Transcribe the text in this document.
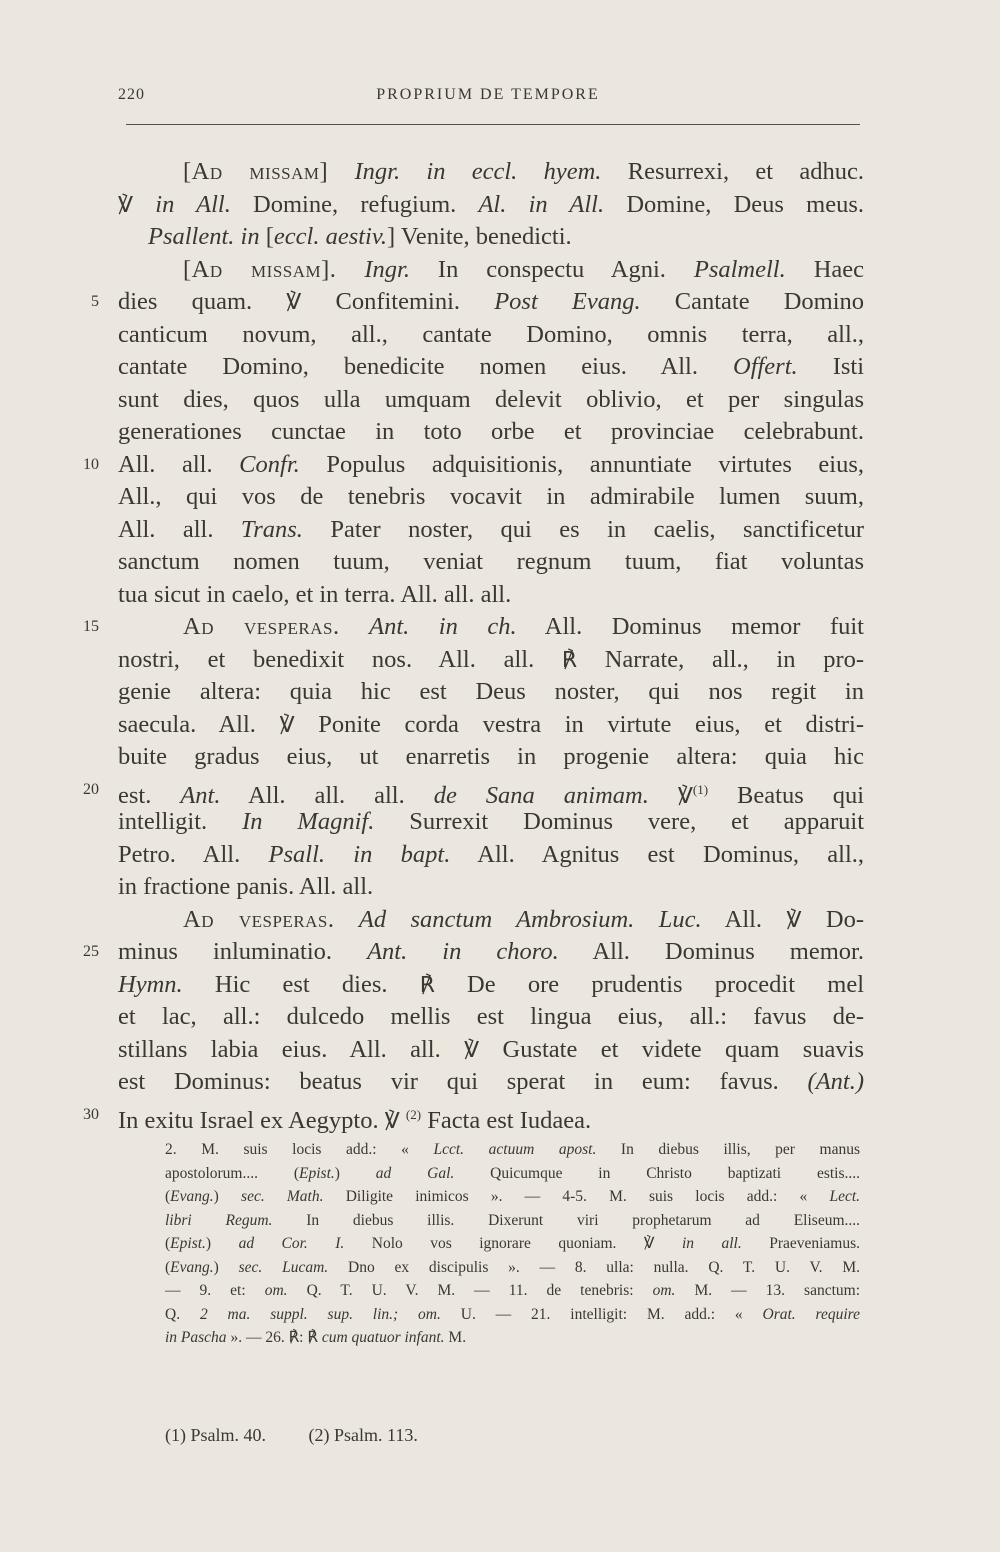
220	PROPRIUM DE TEMPORE
[Ad missam] Ingr. in eccl. hyem. Resurrexi, et adhuc.
℣ in All. Domine, refugium. Al. in All. Domine, Deus meus.
Psallent. in [eccl. aestiv.] Venite, benedicti.
[Ad missam]. Ingr. In conspectu Agni. Psalmell. Haec
5 dies quam. ℣ Confitemini. Post Evang. Cantate Domino
canticum novum, all., cantate Domino, omnis terra, all.,
cantate Domino, benedicite nomen eius. All. Offert. Isti
sunt dies, quos ulla umquam delevit oblivio, et per singulas
generationes cunctae in toto orbe et provinciae celebrabunt.
10 All. all. Confr. Populus adquisitionis, annuntiate virtutes eius,
All., qui vos de tenebris vocavit in admirabile lumen suum,
All. all. Trans. Pater noster, qui es in caelis, sanctificetur
sanctum nomen tuum, veniat regnum tuum, fiat voluntas
tua sicut in caelo, et in terra. All. all. all.
15	Ad vesperas. Ant. in ch. All. Dominus memor fuit
nostri, et benedixit nos. All. all. ℟ Narrate, all., in pro-
genie altera: quia hic est Deus noster, qui nos regit in
saecula. All. ℣ Ponite corda vestra in virtute eius, et distri-
buite gradus eius, ut enarretis in progenie altera: quia hic
20 est. Ant. All. all. all. de Sana animam. ℣$^{(1)}$ Beatus qui
intelligit. In Magnif. Surrexit Dominus vere, et apparuit
Petro. All. Psall. in bapt. All. Agnitus est Dominus, all.,
in fractione panis. All. all.
Ad vesperas. Ad sanctum Ambrosium. Luc. All. ℣ Do-
25 minus inluminatio. Ant. in choro. All. Dominus memor.
Hymn. Hic est dies. ℟ De ore prudentis procedit mel
et lac, all.: dulcedo mellis est lingua eius, all.: favus de-
stillans labia eius. All. all. ℣ Gustate et videte quam suavis
est Dominus: beatus vir qui sperat in eum: favus. (Ant.)
30 In exitu Israel ex Aegypto. ℣ $^{(2)}$ Facta est Iudaea.
2. M. suis locis add.: « Lcct. actuum apost. In diebus illis, per manus
apostolorum.... (Epist.) ad Gal. Quicumque in Christo baptizati estis....
(Evang.) sec. Math. Diligite inimicos ». — 4-5. M. suis locis add.: « Lect.
libri Regum. In diebus illis. Dixerunt viri prophetarum ad Eliseum....
(Epist.) ad Cor. I. Nolo vos ignorare quoniam. ℣ in all. Praeveniamus.
(Evang.) sec. Lucam. Dno ex discipulis ». — 8. ulla: nulla. Q. T. U. V. M.
— 9. et: om. Q. T. U. V. M. — 11. de tenebris: om. M. — 13. sanctum:
Q. 2 ma. suppl. sup. lin.; om. U. — 21. intelligit: M. add.: « Orat. require
in Pascha ». — 26. ℟: ℟ cum quatuor infant. M.
(1) Psalm. 40. (2) Psalm. 113.
